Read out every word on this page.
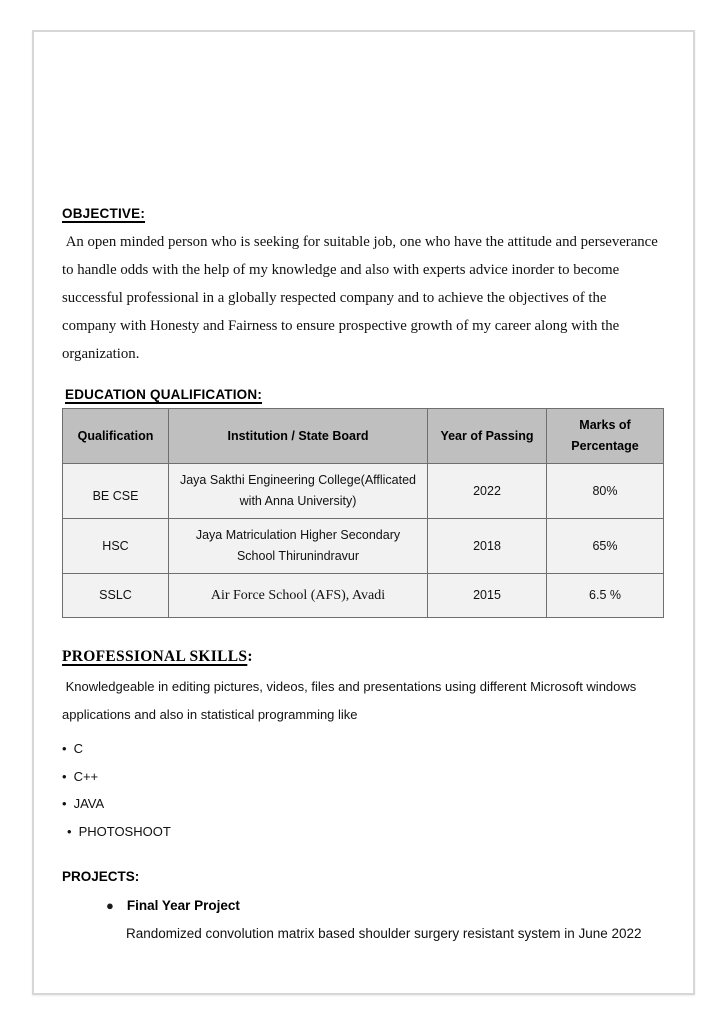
OBJECTIVE:

An open minded person who is seeking for suitable job, one who have the attitude and perseverance to handle odds with the help of my knowledge and also with experts advice inorder to become successful professional in a globally respected company and to achieve the objectives of the company with Honesty and Fairness to ensure prospective growth of my career along with the organization.

EDUCATION QUALIFICATION:
Qualification	Institution / State Board	Year of Passing	Marks of Percentage
BE CSE	Jaya Sakthi Engineering College(Afflicated with Anna University)	2022	80%
HSC	Jaya Matriculation Higher Secondary School Thirunindravur	2018	65%
SSLC	Air Force School (AFS), Avadi	2015	6.5 %
PROFESSIONAL SKILLS:

Knowledgeable in editing pictures, videos, files and presentations using different Microsoft windows applications and also in statistical programming like

• C
• C++
• JAVA
• PHOTOSHOOT
PROJECTS:
● Final Year Project
Randomized convolution matrix based shoulder surgery resistant system in June 2022
